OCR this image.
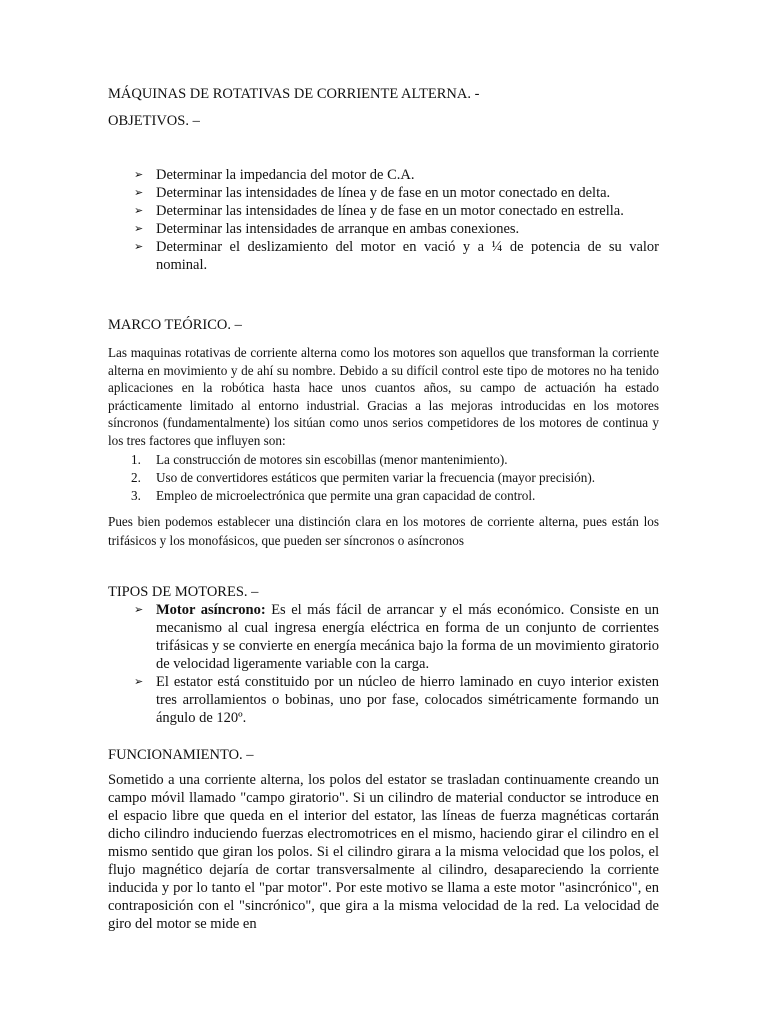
MÁQUINAS DE ROTATIVAS DE CORRIENTE ALTERNA. -

OBJETIVOS. –

➢ Determinar la impedancia del motor de C.A.
➢ Determinar las intensidades de línea y de fase en un motor conectado en delta.
➢ Determinar las intensidades de línea y de fase en un motor conectado en estrella.
➢ Determinar las intensidades de arranque en ambas conexiones.
➢ Determinar el deslizamiento del motor en vació y a ¼ de potencia de su valor nominal.

MARCO TEÓRICO. –

Las maquinas rotativas de corriente alterna como los motores son aquellos que transforman la corriente alterna en movimiento y de ahí su nombre. Debido a su difícil control este tipo de motores no ha tenido aplicaciones en la robótica hasta hace unos cuantos años, su campo de actuación ha estado prácticamente limitado al entorno industrial. Gracias a las mejoras introducidas en los motores síncronos (fundamentalmente) los sitúan como unos serios competidores de los motores de continua y los tres factores que influyen son:

1. La construcción de motores sin escobillas (menor mantenimiento).
2. Uso de convertidores estáticos que permiten variar la frecuencia (mayor precisión).
3. Empleo de microelectrónica que permite una gran capacidad de control.

Pues bien podemos establecer una distinción clara en los motores de corriente alterna, pues están los trifásicos y los monofásicos, que pueden ser síncronos o asíncronos

TIPOS DE MOTORES. –

➢ Motor asíncrono: Es el más fácil de arrancar y el más económico. Consiste en un mecanismo al cual ingresa energía eléctrica en forma de un conjunto de corrientes trifásicas y se convierte en energía mecánica bajo la forma de un movimiento giratorio de velocidad ligeramente variable con la carga.
➢ El estator está constituido por un núcleo de hierro laminado en cuyo interior existen tres arrollamientos o bobinas, uno por fase, colocados simétricamente formando un ángulo de 120º.

FUNCIONAMIENTO. –

Sometido a una corriente alterna, los polos del estator se trasladan continuamente creando un campo móvil llamado "campo giratorio". Si un cilindro de material conductor se introduce en el espacio libre que queda en el interior del estator, las líneas de fuerza magnéticas cortarán dicho cilindro induciendo fuerzas electromotrices en el mismo, haciendo girar el cilindro en el mismo sentido que giran los polos. Si el cilindro girara a la misma velocidad que los polos, el flujo magnético dejaría de cortar transversalmente al cilindro, desapareciendo la corriente inducida y por lo tanto el "par motor". Por este motivo se llama a este motor "asincrónico", en contraposición con el "sincrónico", que gira a la misma velocidad de la red. La velocidad de giro del motor se mide en
